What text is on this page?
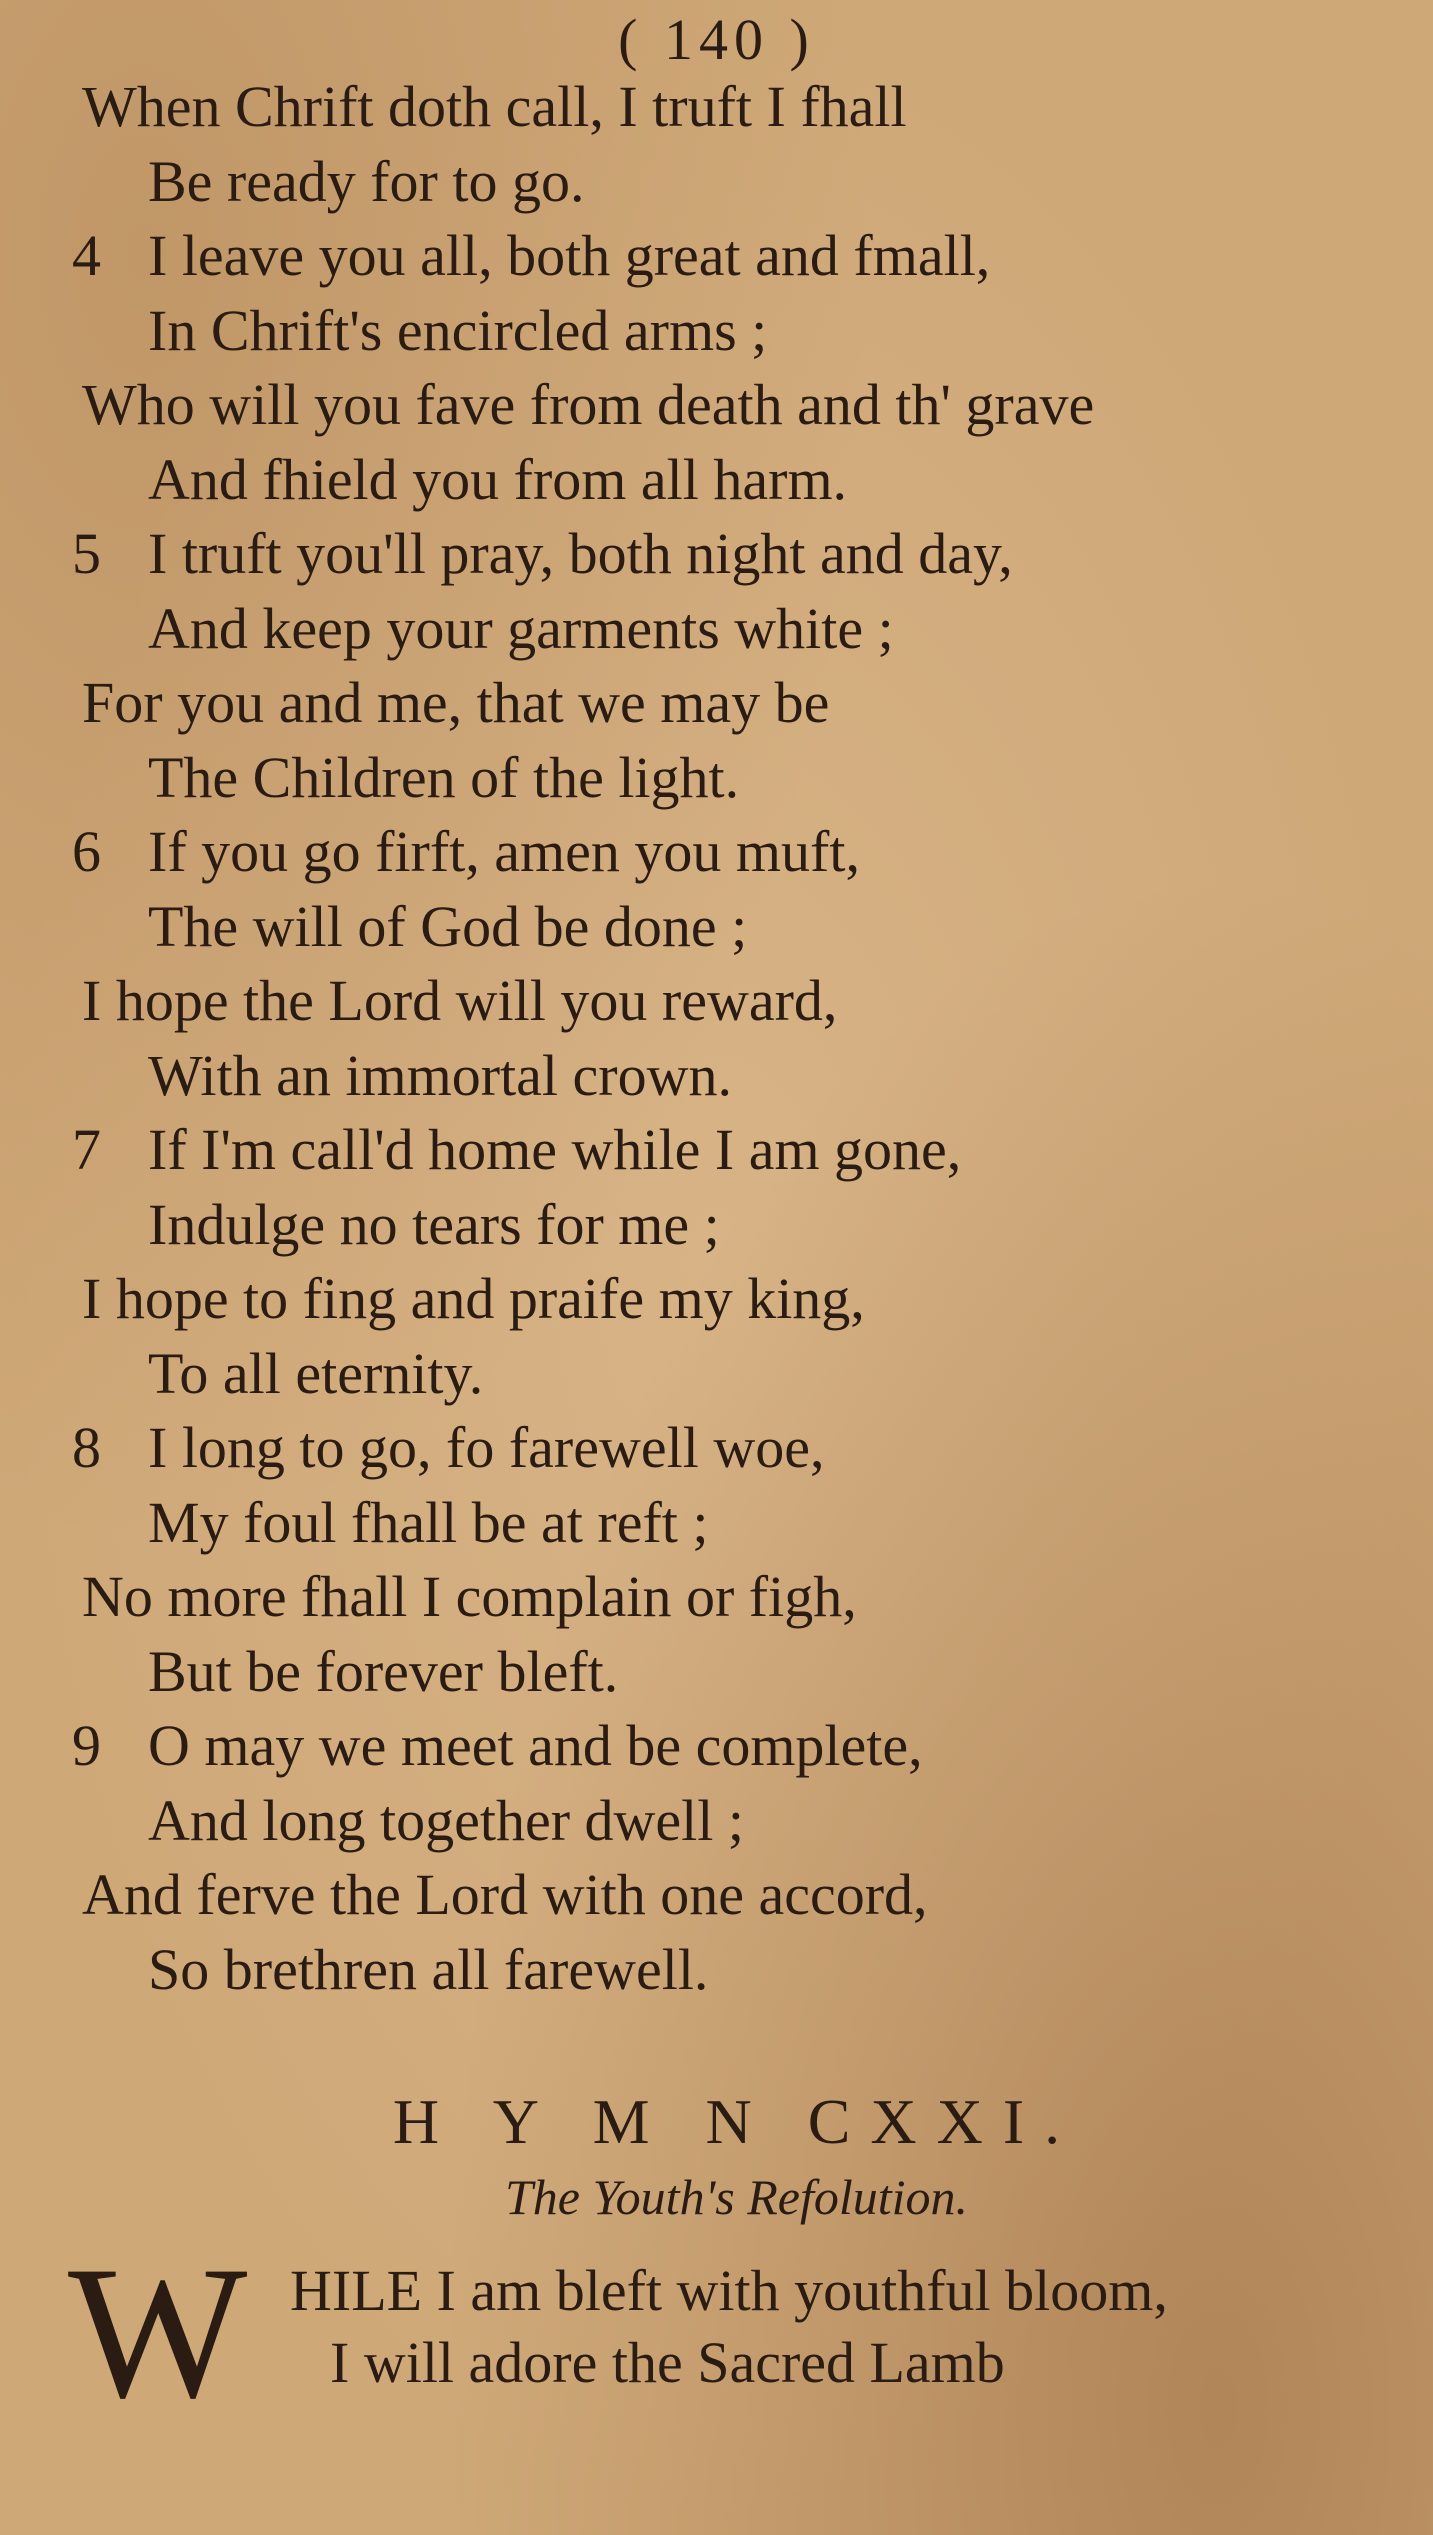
( 140 )
When Chrift doth call, I truft I fhall
Be ready for to go.
4 I leave you all, both great and fmall,
In Chrift's encircled arms ;
Who will you fave from death and th' grave
And fhield you from all harm.
5 I truft you'll pray, both night and day,
And keep your garments white ;
For you and me, that we may be
The Children of the light.
6 If you go firft, amen you muft,
The will of God be done ;
I hope the Lord will you reward,
With an immortal crown.
7 If I'm call'd home while I am gone,
Indulge no tears for me ;
I hope to fing and praife my king,
To all eternity.
8 I long to go, fo farewell woe,
My foul fhall be at reft ;
No more fhall I complain or figh,
But be forever bleft.
9 O may we meet and be complete,
And long together dwell ;
And ferve the Lord with one accord,
So brethren all farewell.
H Y M N CXXI.
The Youth's Refolution.
W HILE I am bleft with youthful bloom,
I will adore the Sacred Lamb
